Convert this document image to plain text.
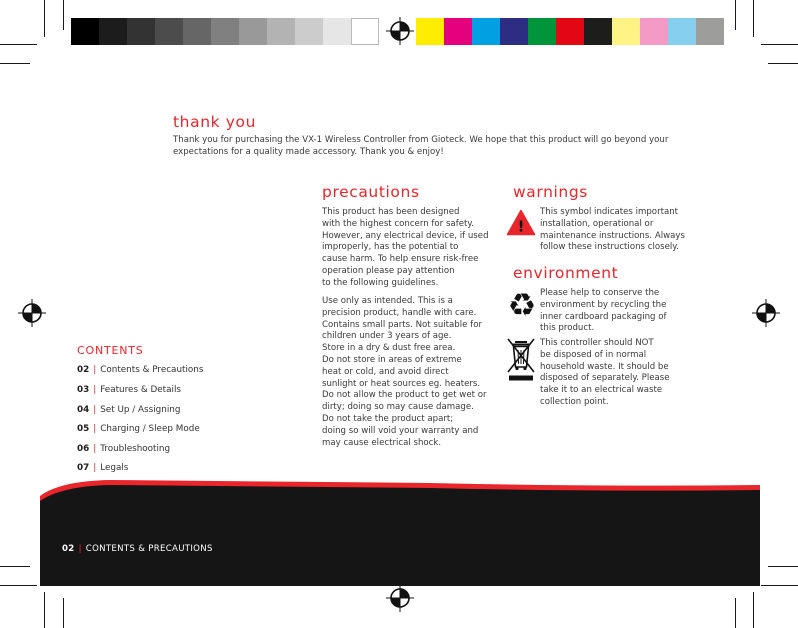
thank you

Thank you for purchasing the VX-1 Wireless Controller from Gioteck. We hope that this product will go beyond your

expectations for a quality made accessory. Thank you & enjoy!

precautions
This product has been designed
with the highest concern for safety.
However, any electrical device, if used
improperly, has the potential to
cause harm. To help ensure risk-free
operation please pay attention
to the following guidelines.
Use only as intended. This is a
precision product, handle with care.
Contains small parts. Not suitable for
children under 3 years of age.
Store in a dry & dust free area.
Do not store in areas of extreme
heat or cold, and avoid direct
sunlight or heat sources eg. heaters.
Do not allow the product to get wet or
dirty; doing so may cause damage.
Do not take the product apart;
doing so will void your warranty and
may cause electrical shock.
warnings
!
This symbol indicates important
installation, operational or
maintenance instructions. Always
follow these instructions closely.
environment
♻ Please help to conserve the
environment by recycling the
inner cardboard packaging of
this product.
This controller should NOT
be disposed of in normal
household waste. It should be
disposed of separately. Please
take it to an electrical waste
collection point.
CONTENTS
02 | Contents & Precautions
03 | Features & Details
04 | Set Up / Assigning
05 | Charging / Sleep Mode
06 | Troubleshooting
07 | Legals
02 | CONTENTS & PRECAUTIONS
